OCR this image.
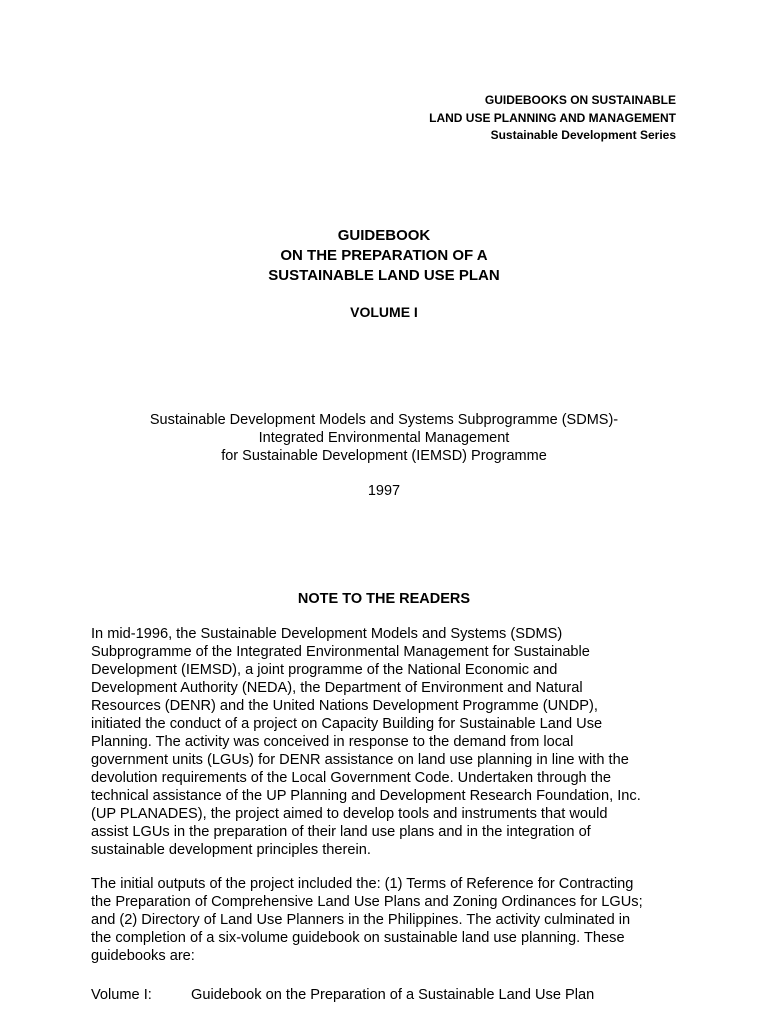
GUIDEBOOKS ON SUSTAINABLE
LAND USE PLANNING AND MANAGEMENT
Sustainable Development Series
GUIDEBOOK
ON THE PREPARATION OF A
SUSTAINABLE LAND USE PLAN
VOLUME I
Sustainable Development Models and Systems Subprogramme (SDMS)-
Integrated Environmental Management
for Sustainable Development (IEMSD) Programme
1997
NOTE TO THE READERS
In mid-1996, the Sustainable Development Models and Systems (SDMS)
Subprogramme of the Integrated Environmental Management for Sustainable
Development (IEMSD), a joint programme of the National Economic and
Development Authority (NEDA), the Department of Environment and Natural
Resources (DENR) and the United Nations Development Programme (UNDP),
initiated the conduct of a project on Capacity Building for Sustainable Land Use
Planning. The activity was conceived in response to the demand from local
government units (LGUs) for DENR assistance on land use planning in line with the
devolution requirements of the Local Government Code. Undertaken through the
technical assistance of the UP Planning and Development Research Foundation, Inc.
(UP PLANADES), the project aimed to develop tools and instruments that would
assist LGUs in the preparation of their land use plans and in the integration of
sustainable development principles therein.
The initial outputs of the project included the: (1) Terms of Reference for Contracting
the Preparation of Comprehensive Land Use Plans and Zoning Ordinances for LGUs;
and (2) Directory of Land Use Planners in the Philippines. The activity culminated in
the completion of a six-volume guidebook on sustainable land use planning. These
guidebooks are:
Volume I:	Guidebook on the Preparation of a Sustainable Land Use Plan
